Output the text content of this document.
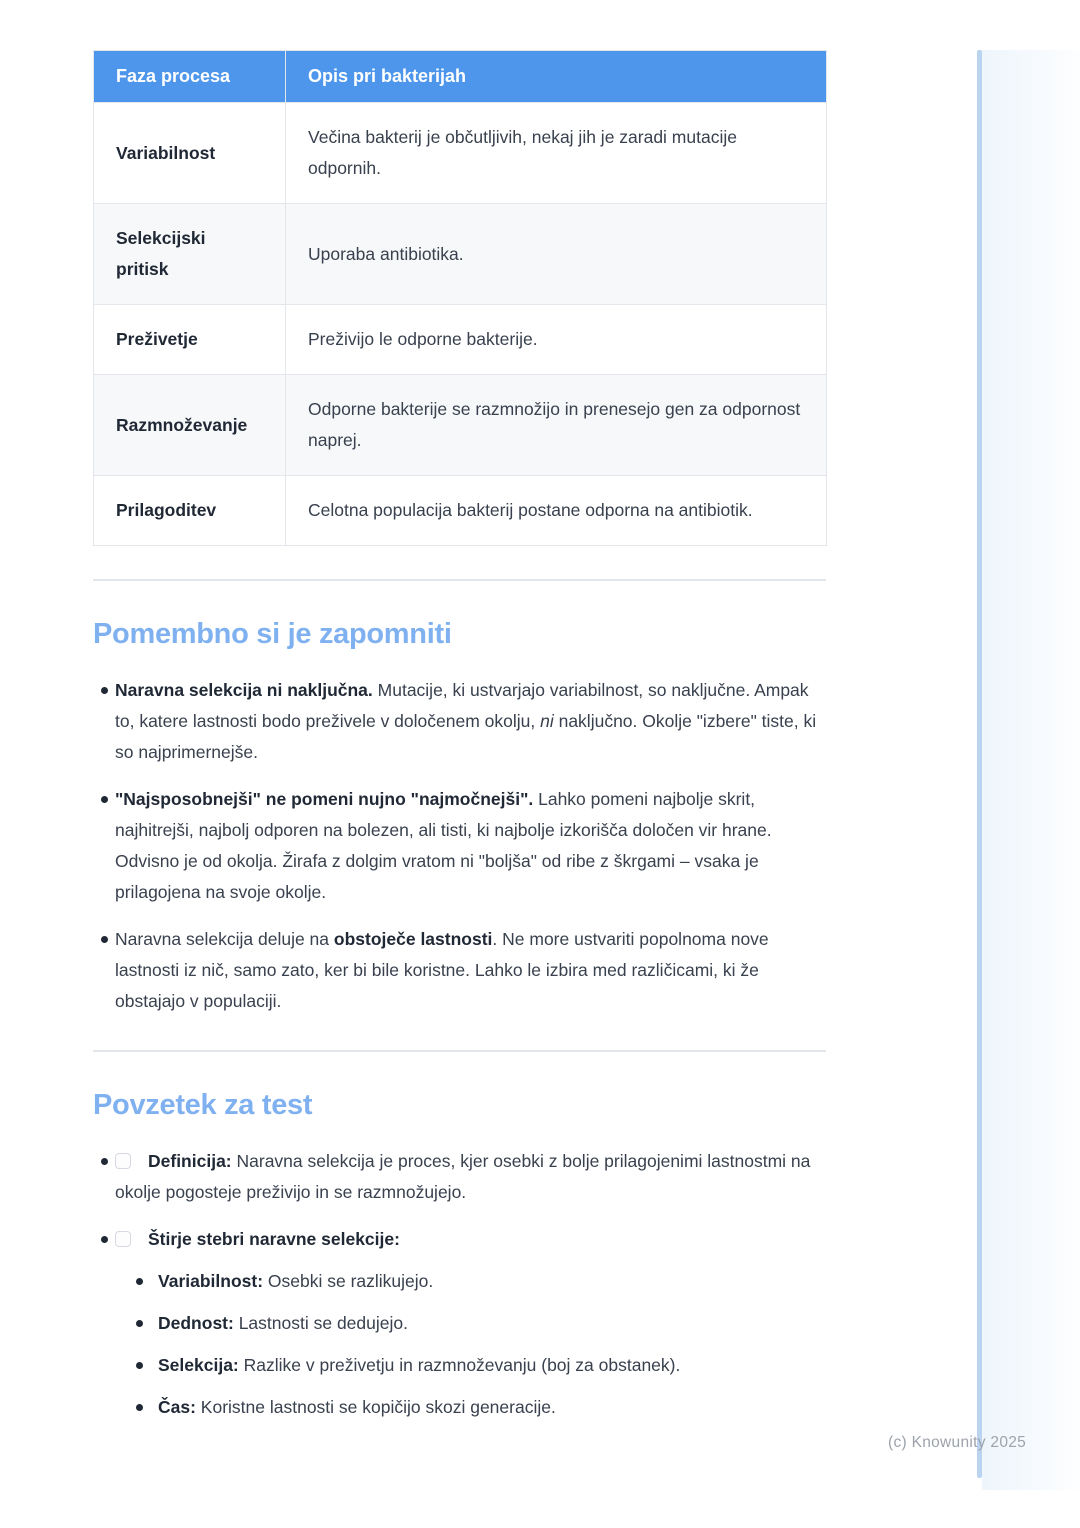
Faza procesa	Opis pri bakterijah
Variabilnost	Večina bakterij je občutljivih, nekaj jih je zaradi mutacije odpornih.
Selekcijski pritisk	Uporaba antibiotika.
Preživetje	Preživijo le odporne bakterije.
Razmnoževanje	Odporne bakterije se razmnožijo in prenesejo gen za odpornost naprej.
Prilagoditev	Celotna populacija bakterij postane odporna na antibiotik.
Pomembno si je zapomniti
Naravna selekcija ni naključna. Mutacije, ki ustvarjajo variabilnost, so naključne. Ampak to, katere lastnosti bodo preživele v določenem okolju, ni naključno. Okolje "izbere" tiste, ki so najprimernejše.
"Najsposobnejši" ne pomeni nujno "najmočnejši". Lahko pomeni najbolje skrit, najhitrejši, najbolj odporen na bolezen, ali tisti, ki najbolje izkorišča določen vir hrane. Odvisno je od okolja. Žirafa z dolgim vratom ni "boljša" od ribe z škrgami – vsaka je prilagojena na svoje okolje.
Naravna selekcija deluje na obstoječe lastnosti. Ne more ustvariti popolnoma nove lastnosti iz nič, samo zato, ker bi bile koristne. Lahko le izbira med različicami, ki že obstajajo v populaciji.
Povzetek za test
Definicija: Naravna selekcija je proces, kjer osebki z bolje prilagojenimi lastnostmi na okolje pogosteje preživijo in se razmnožujejo.
Štirje stebri naravne selekcije:
Variabilnost: Osebki se razlikujejo.
Dednost: Lastnosti se dedujejo.
Selekcija: Razlike v preživetju in razmnoževanju (boj za obstanek).
Čas: Koristne lastnosti se kopičijo skozi generacije.
(c) Knowunity 2025
